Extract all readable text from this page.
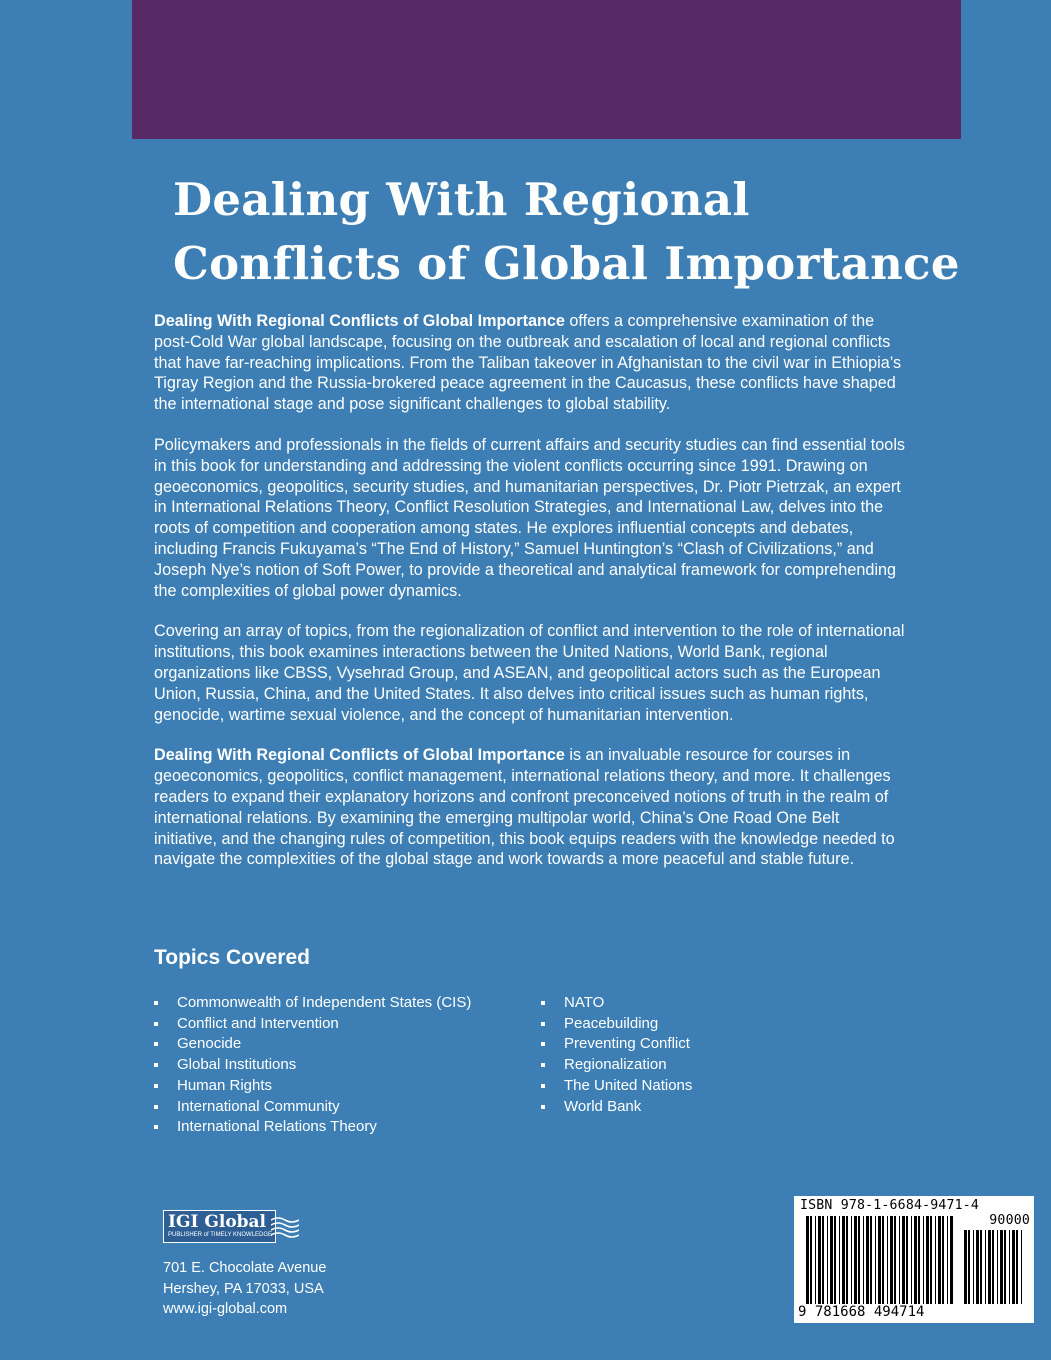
Dealing With Regional
Conflicts of Global Importance

Dealing With Regional Conflicts of Global Importance offers a comprehensive examination of the post-Cold War global landscape, focusing on the outbreak and escalation of local and regional conflicts that have far-reaching implications. From the Taliban takeover in Afghanistan to the civil war in Ethiopia’s Tigray Region and the Russia-brokered peace agreement in the Caucasus, these conflicts have shaped the international stage and pose significant challenges to global stability.

Policymakers and professionals in the fields of current affairs and security studies can find essential tools in this book for understanding and addressing the violent conflicts occurring since 1991. Drawing on geoeconomics, geopolitics, security studies, and humanitarian perspectives, Dr. Piotr Pietrzak, an expert in International Relations Theory, Conflict Resolution Strategies, and International Law, delves into the roots of competition and cooperation among states. He explores influential concepts and debates, including Francis Fukuyama’s “The End of History,” Samuel Huntington’s “Clash of Civilizations,” and Joseph Nye’s notion of Soft Power, to provide a theoretical and analytical framework for comprehending the complexities of global power dynamics.

Covering an array of topics, from the regionalization of conflict and intervention to the role of international institutions, this book examines interactions between the United Nations, World Bank, regional organizations like CBSS, Vysehrad Group, and ASEAN, and geopolitical actors such as the European Union, Russia, China, and the United States. It also delves into critical issues such as human rights, genocide, wartime sexual violence, and the concept of humanitarian intervention.

Dealing With Regional Conflicts of Global Importance is an invaluable resource for courses in geoeconomics, geopolitics, conflict management, international relations theory, and more. It challenges readers to expand their explanatory horizons and confront preconceived notions of truth in the realm of international relations. By examining the emerging multipolar world, China’s One Road One Belt initiative, and the changing rules of competition, this book equips readers with the knowledge needed to navigate the complexities of the global stage and work towards a more peaceful and stable future.

Topics Covered
Commonwealth of Independent States (CIS)
Conflict and Intervention
Genocide
Global Institutions
Human Rights
International Community
International Relations Theory
NATO
Peacebuilding
Preventing Conflict
Regionalization
The United Nations
World Bank
IGI Global
PUBLISHER of TIMELY KNOWLEDGE
701 E. Chocolate Avenue
Hershey, PA 17033, USA
www.igi-global.com
ISBN 978-1-6684-9471-4
90000
9 781668 494714
